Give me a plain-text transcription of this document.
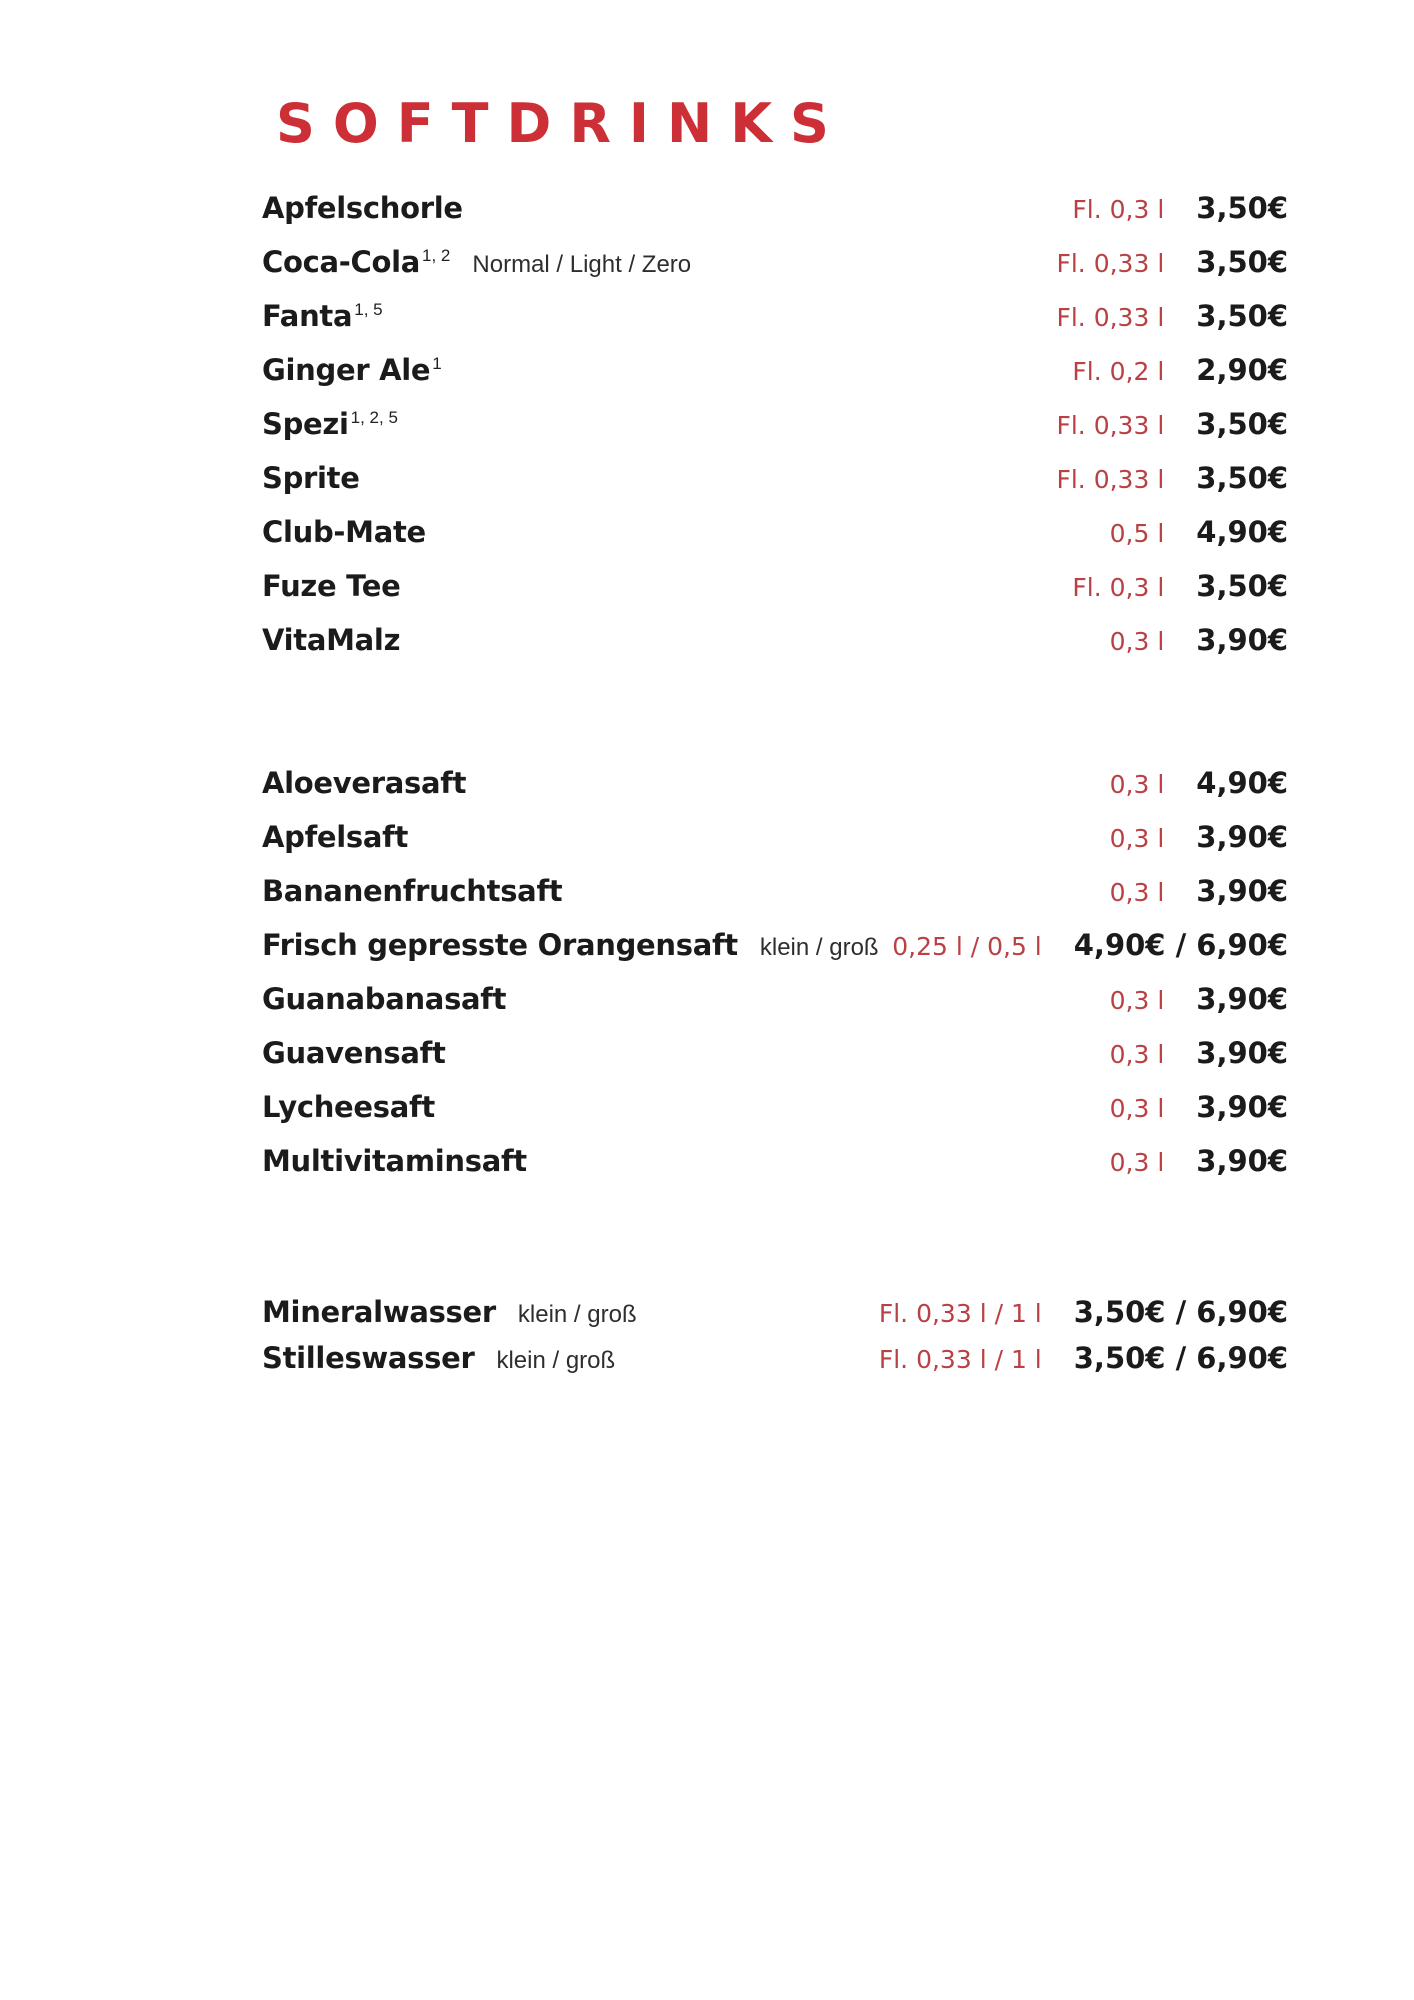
SOFTDRINKS
Apfelschorle	Fl. 0,3 l 3,50€
Coca-Cola 1, 2 Normal / Light / Zero	Fl. 0,33 l 3,50€
Fanta 1, 5	Fl. 0,33 l 3,50€
Ginger Ale 1	Fl. 0,2 l 2,90€
Spezi 1, 2, 5	Fl. 0,33 l 3,50€
Sprite	Fl. 0,33 l 3,50€
Club-Mate	0,5 l 4,90€
Fuze Tee	Fl. 0,3 l 3,50€
VitaMalz	0,3 l 3,90€
Aloeverasaft	0,3 l 4,90€
Apfelsaft	0,3 l 3,90€
Bananenfruchtsaft	0,3 l 3,90€
Frisch gepresste Orangensaft klein / groß 0,25 l / 0,5 l 4,90€ / 6,90€
Guanabanasaft	0,3 l 3,90€
Guavensaft	0,3 l 3,90€
Lycheesaft	0,3 l 3,90€
Multivitaminsaft	0,3 l 3,90€
Mineralwasser klein / groß	Fl. 0,33 l / 1 l 3,50€ / 6,90€
Stilleswasser klein / groß	Fl. 0,33 l / 1 l 3,50€ / 6,90€
